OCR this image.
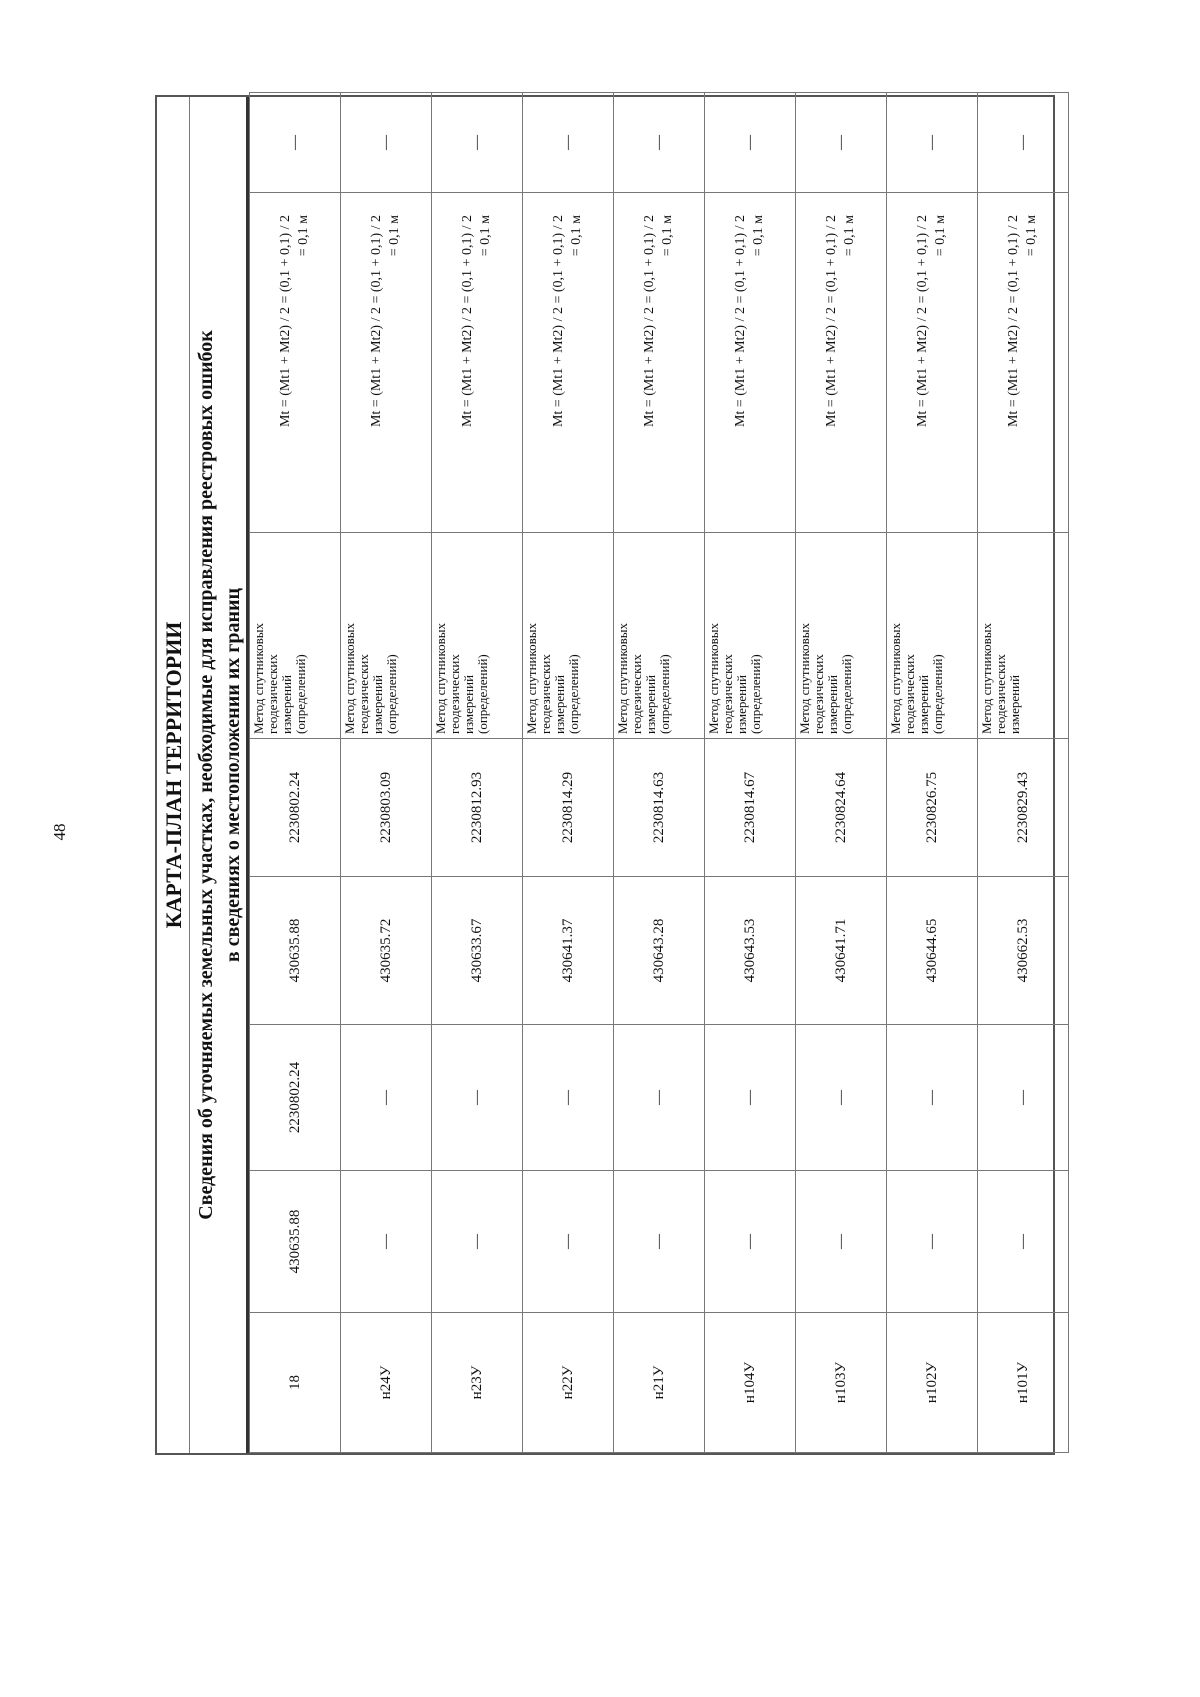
48	КАРТА-ПЛАН ТЕРРИТОРИИ Сведения об уточняемых земельных участках, необходимые для исправления реестровых ошибок в сведениях о местоположении их границ
18	430635.88	2230802.24	430635.88	2230802.24	Метод спутниковых геодезических измерений (определений)	Mt = (Mt1 + Mt2) / 2 = (0,1 + 0,1) / 2 = 0,1 м	—
н24У	—	—	430635.72	2230803.09	Метод спутниковых геодезических измерений (определений)	Mt = (Mt1 + Mt2) / 2 = (0,1 + 0,1) / 2 = 0,1 м	—
н23У	—	—	430633.67	2230812.93	Метод спутниковых геодезических измерений (определений)	Mt = (Mt1 + Mt2) / 2 = (0,1 + 0,1) / 2 = 0,1 м	—
н22У	—	—	430641.37	2230814.29	Метод спутниковых геодезических измерений (определений)	Mt = (Mt1 + Mt2) / 2 = (0,1 + 0,1) / 2 = 0,1 м	—
н21У	—	—	430643.28	2230814.63	Метод спутниковых геодезических измерений (определений)	Mt = (Mt1 + Mt2) / 2 = (0,1 + 0,1) / 2 = 0,1 м	—
н104У	—	—	430643.53	2230814.67	Метод спутниковых геодезических измерений (определений)	Mt = (Mt1 + Mt2) / 2 = (0,1 + 0,1) / 2 = 0,1 м	—
н103У	—	—	430641.71	2230824.64	Метод спутниковых геодезических измерений (определений)	Mt = (Mt1 + Mt2) / 2 = (0,1 + 0,1) / 2 = 0,1 м	—
н102У	—	—	430644.65	2230826.75	Метод спутниковых геодезических измерений (определений)	Mt = (Mt1 + Mt2) / 2 = (0,1 + 0,1) / 2 = 0,1 м	—
н101У	—	—	430662.53	2230829.43	Метод спутниковых геодезических измерений	Mt = (Mt1 + Mt2) / 2 = (0,1 + 0,1) / 2 = 0,1 м	—
